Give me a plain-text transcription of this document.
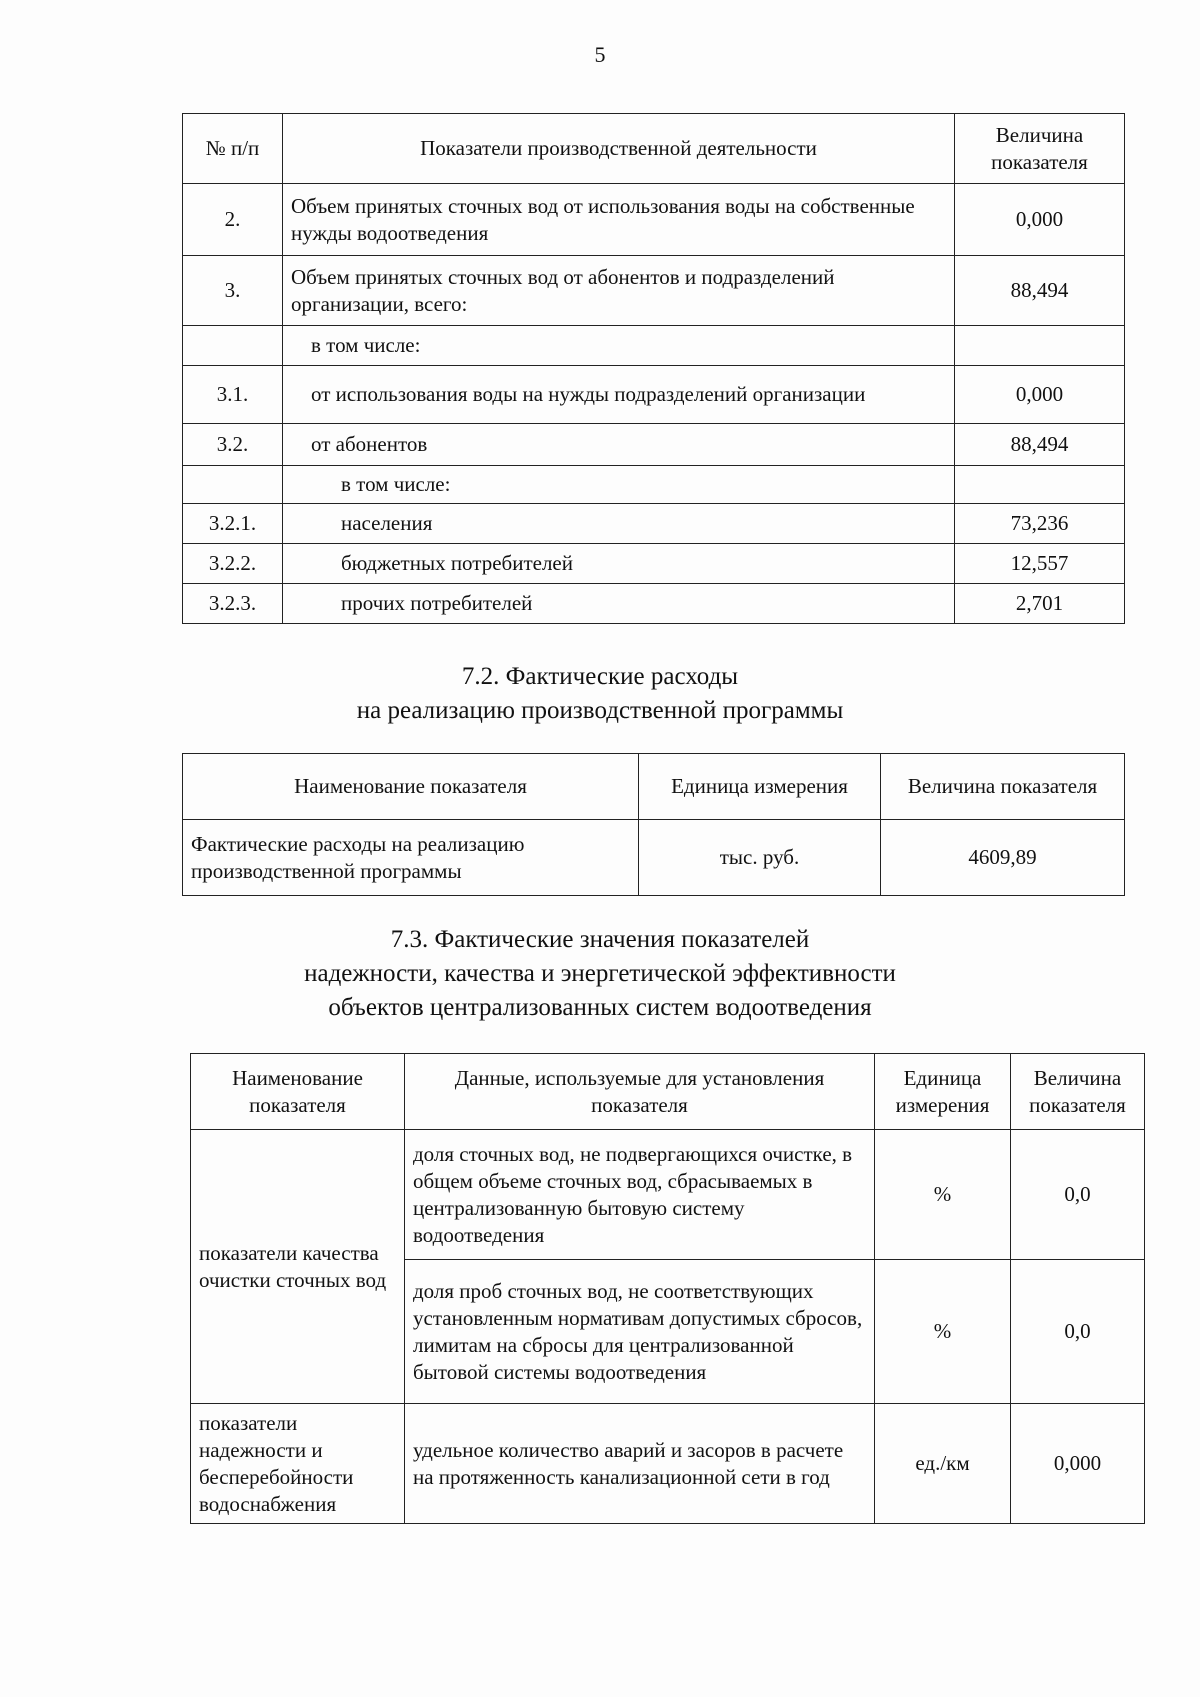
5
№ п/п	Показатели производственной деятельности	Величина показателя
2.	Объем принятых сточных вод от использования воды на собственные нужды водоотведения	0,000
3.	Объем принятых сточных вод от абонентов и подразделений организации, всего:	88,494
	в том числе:	
3.1.	от использования воды на нужды подразделений организации	0,000
3.2.	от абонентов	88,494
	в том числе:	
3.2.1.	населения	73,236
3.2.2.	бюджетных потребителей	12,557
3.2.3.	прочих потребителей	2,701
7.2. Фактические расходы
на реализацию производственной программы
Наименование показателя	Единица измерения	Величина показателя
Фактические расходы на реализацию производственной программы	тыс. руб.	4609,89
7.3. Фактические значения показателей
надежности, качества и энергетической эффективности
объектов централизованных систем водоотведения
Наименование показателя	Данные, используемые для установления показателя	Единица измерения	Величина показателя
показатели качества очистки сточных вод	доля сточных вод, не подвергающихся очистке, в общем объеме сточных вод, сбрасываемых в централизованную бытовую систему водоотведения	%	0,0
	доля проб сточных вод, не соответствующих установленным нормативам допустимых сбросов, лимитам на сбросы для централизованной бытовой системы водоотведения	%	0,0
показатели надежности и бесперебойности водоснабжения	удельное количество аварий и засоров в расчете на протяженность канализационной сети в год	ед./км	0,000
